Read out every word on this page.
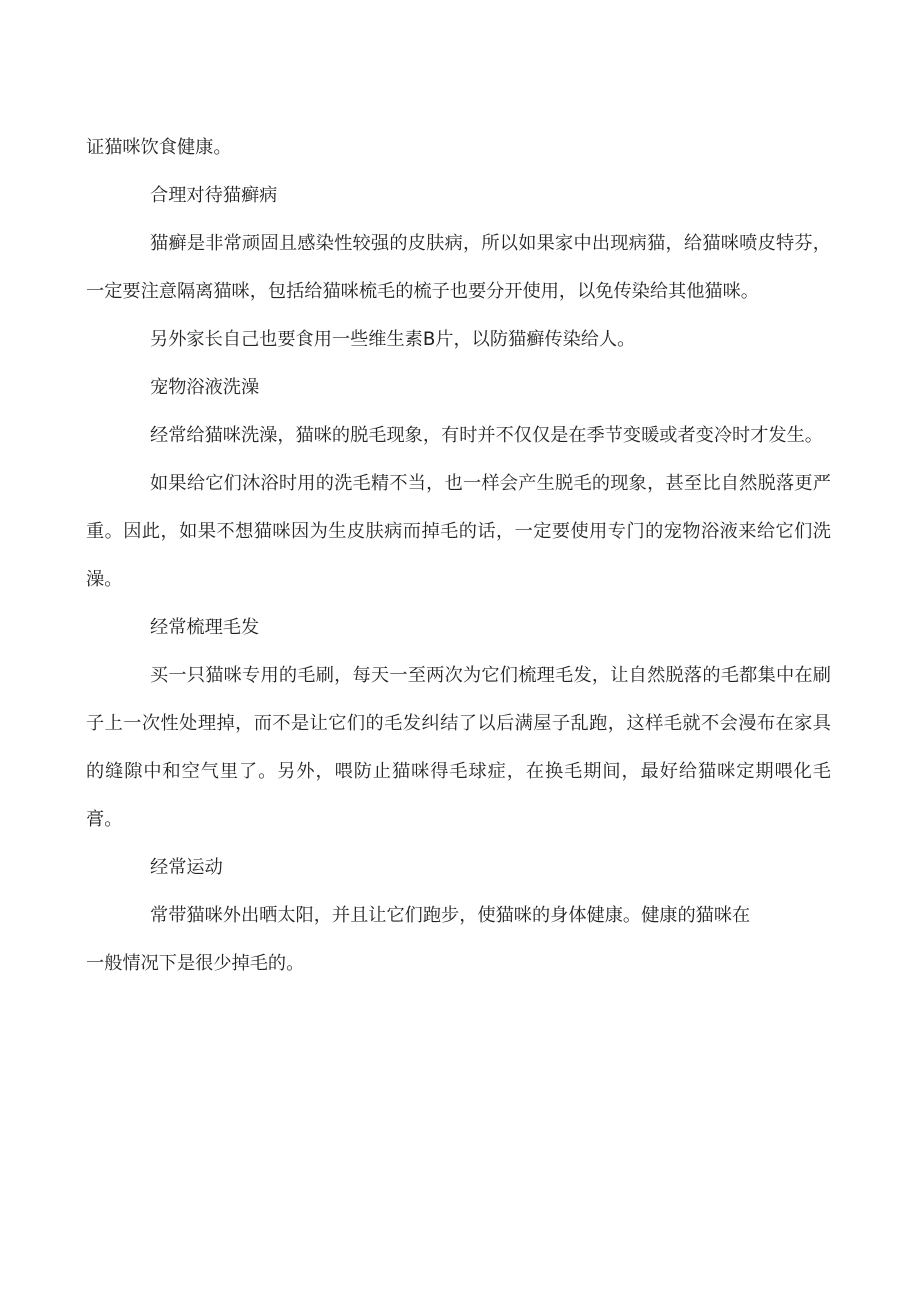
证猫咪饮食健康。

合理对待猫癣病

猫癣是非常顽固且感染性较强的皮肤病，所以如果家中出现病猫，给猫咪喷皮特芬，一定要注意隔离猫咪，包括给猫咪梳毛的梳子也要分开使用，以免传染给其他猫咪。

另外家长自己也要食用一些维生素B片，以防猫癣传染给人。

宠物浴液洗澡

经常给猫咪洗澡，猫咪的脱毛现象，有时并不仅仅是在季节变暖或者变冷时才发生。

如果给它们沐浴时用的洗毛精不当，也一样会产生脱毛的现象，甚至比自然脱落更严重。因此，如果不想猫咪因为生皮肤病而掉毛的话，一定要使用专门的宠物浴液来给它们洗澡。

经常梳理毛发

买一只猫咪专用的毛刷，每天一至两次为它们梳理毛发，让自然脱落的毛都集中在刷子上一次性处理掉，而不是让它们的毛发纠结了以后满屋子乱跑，这样毛就不会漫布在家具的缝隙中和空气里了。另外，喂防止猫咪得毛球症，在换毛期间，最好给猫咪定期喂化毛膏。

经常运动

常带猫咪外出晒太阳，并且让它们跑步，使猫咪的身体健康。健康的猫咪在一般情况下是很少掉毛的。
